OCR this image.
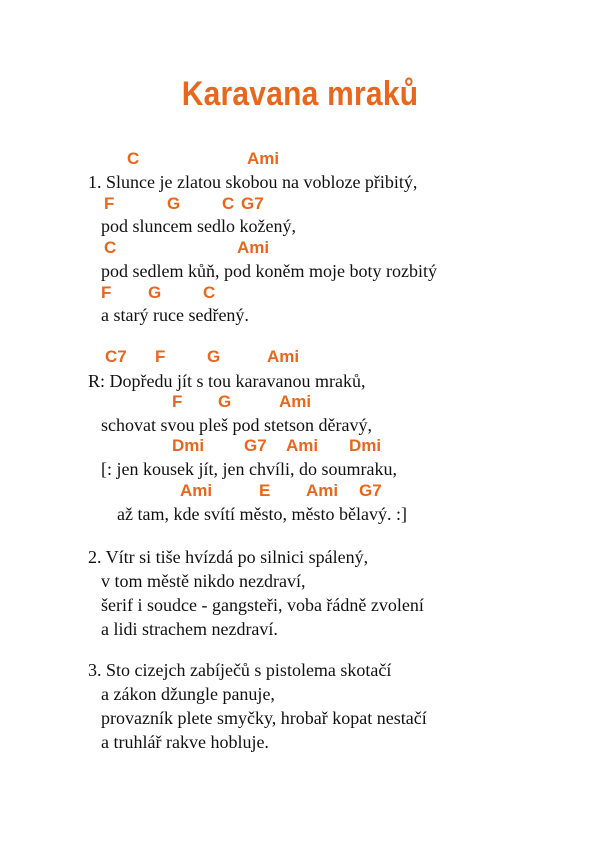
Karavana mraků
C	Ami
1. Slunce je zlatou skobou na vobloze přibitý,
F	G C G7
pod sluncem sedlo kožený,
C	Ami
pod sedlem kůň, pod koněm moje boty rozbitý
F G C
a starý ruce sedřený.
C7 F G	Ami
R: Dopředu jít s tou karavanou mraků,
F G	Ami
schovat svou pleš pod stetson děravý,
Dmi G7 Ami Dmi
[: jen kousek jít, jen chvíli, do soumraku,
Ami	E Ami G7
až tam, kde svítí město, město bělavý. :]
2. Vítr si tiše hvízdá po silnici spálený,
v tom městě nikdo nezdraví,
šerif i soudce - gangsteři, voba řádně zvolení
a lidi strachem nezdraví.
3. Sto cizejch zabíječů s pistolema skotačí
a zákon džungle panuje,
provazník plete smyčky, hrobař kopat nestačí
a truhlář rakve hobluje.
